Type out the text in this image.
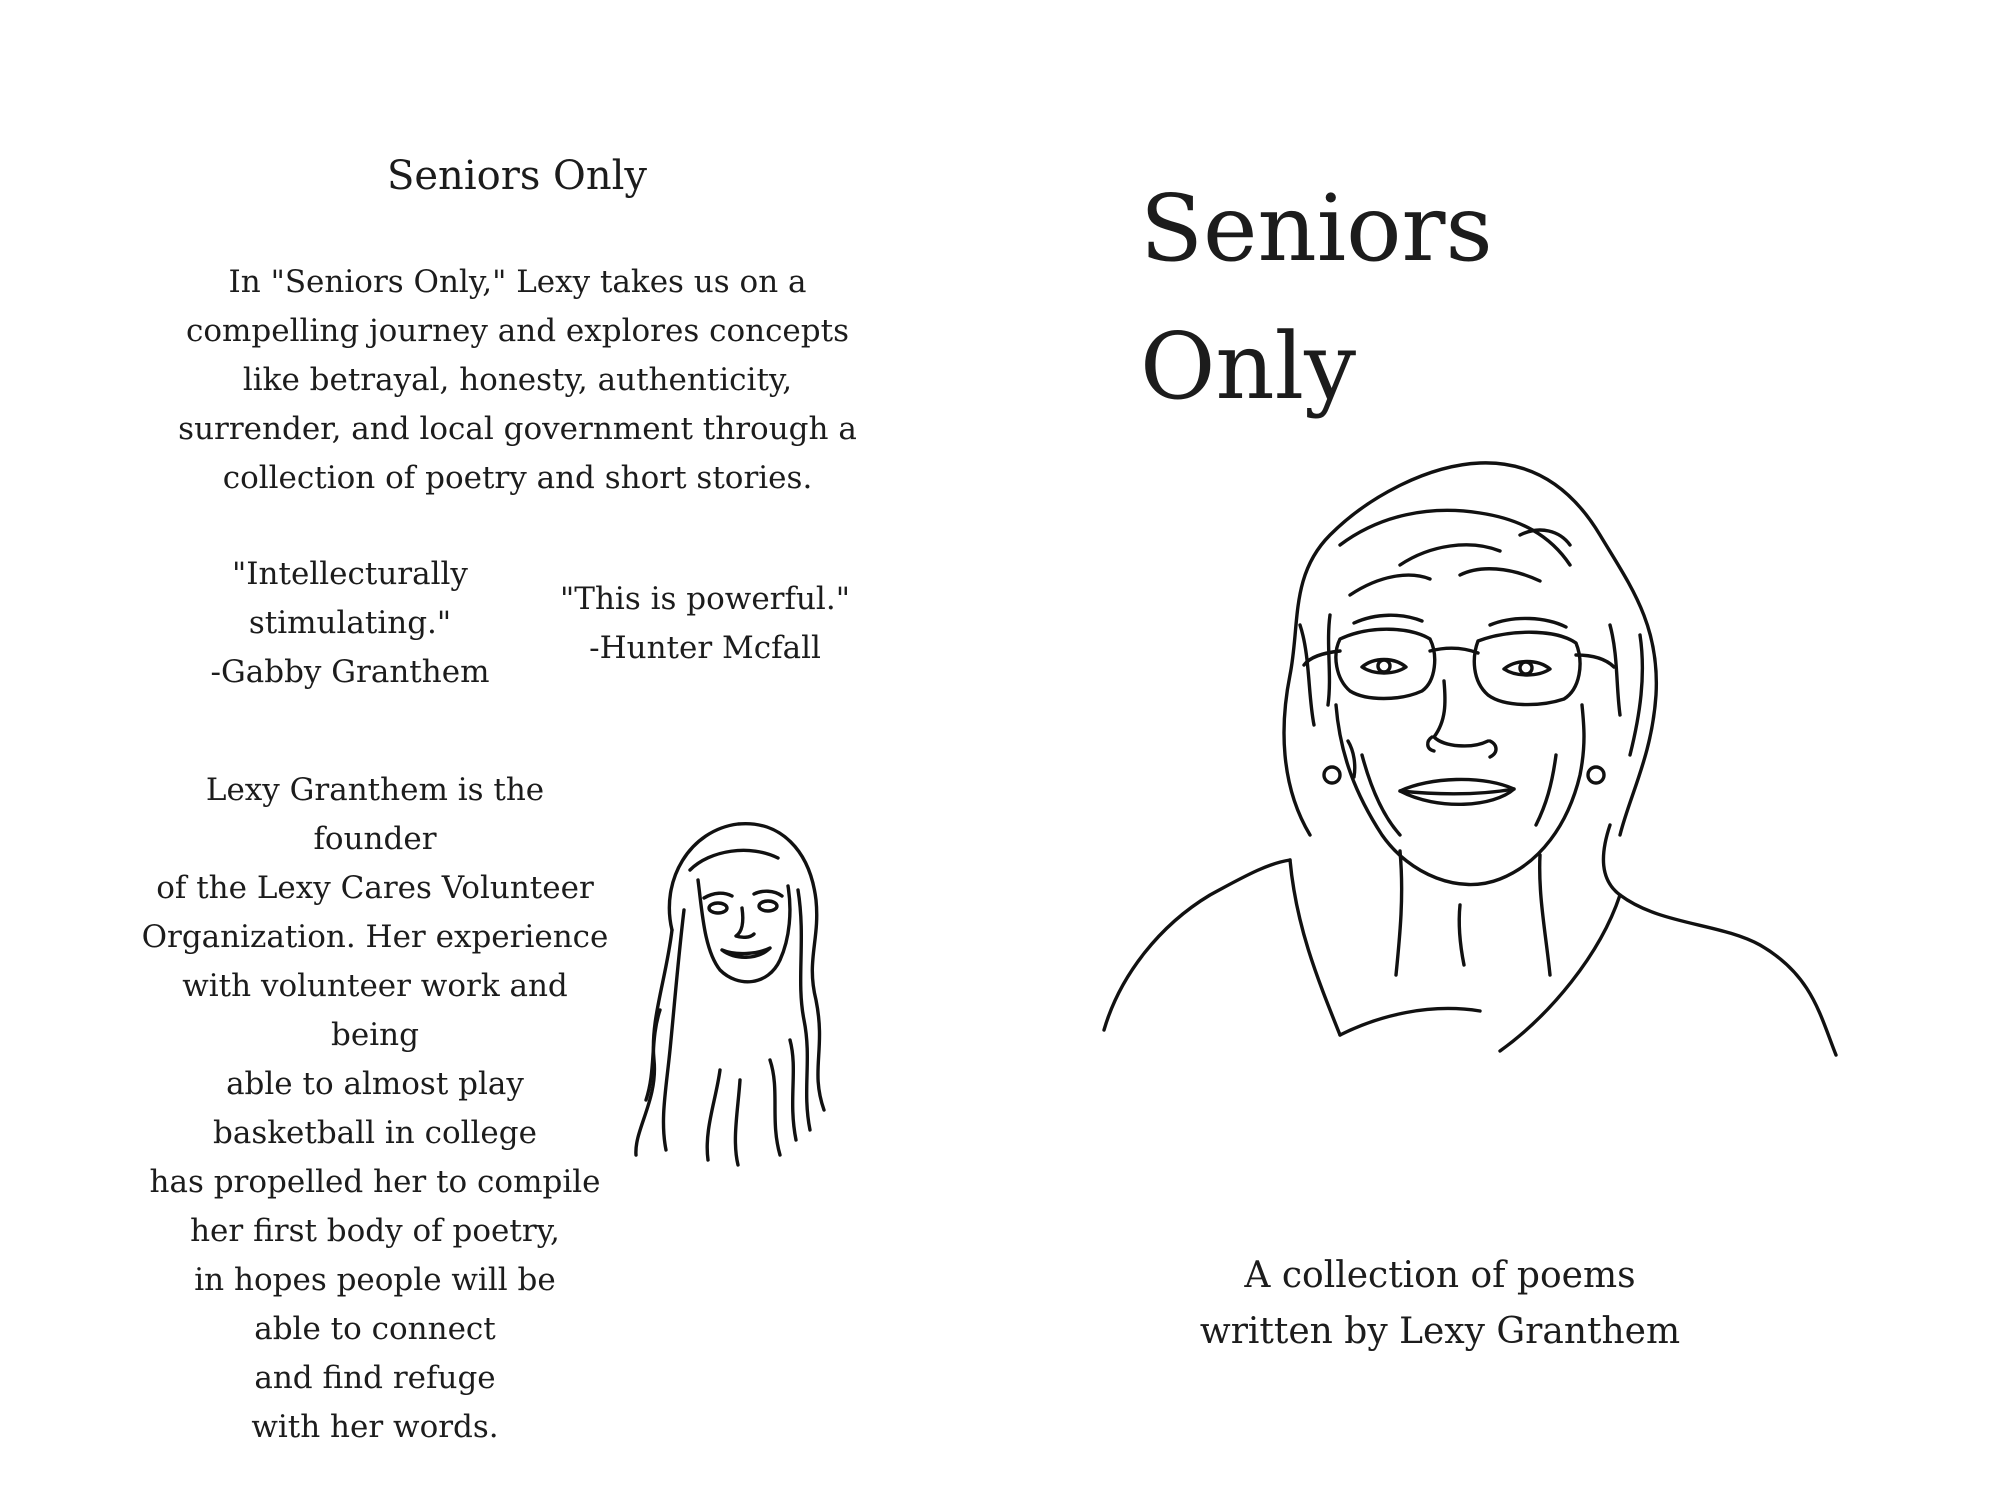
Seniors Only
In "Seniors Only," Lexy takes us on a compelling journey and explores concepts like betrayal, honesty, authenticity, surrender, and local government through a collection of poetry and short stories.
"Intellecturally
stimulating."
-Gabby Granthem
"This is powerful."
-Hunter Mcfall
Lexy Granthem is the founder
of the Lexy Cares Volunteer
Organization. Her experience
with volunteer work and being
able to almost play
basketball in college
has propelled her to compile
her first body of poetry,
in hopes people will be
able to connect
and find refuge
with her words.
Seniors
Only
A collection of poems
written by Lexy Granthem
